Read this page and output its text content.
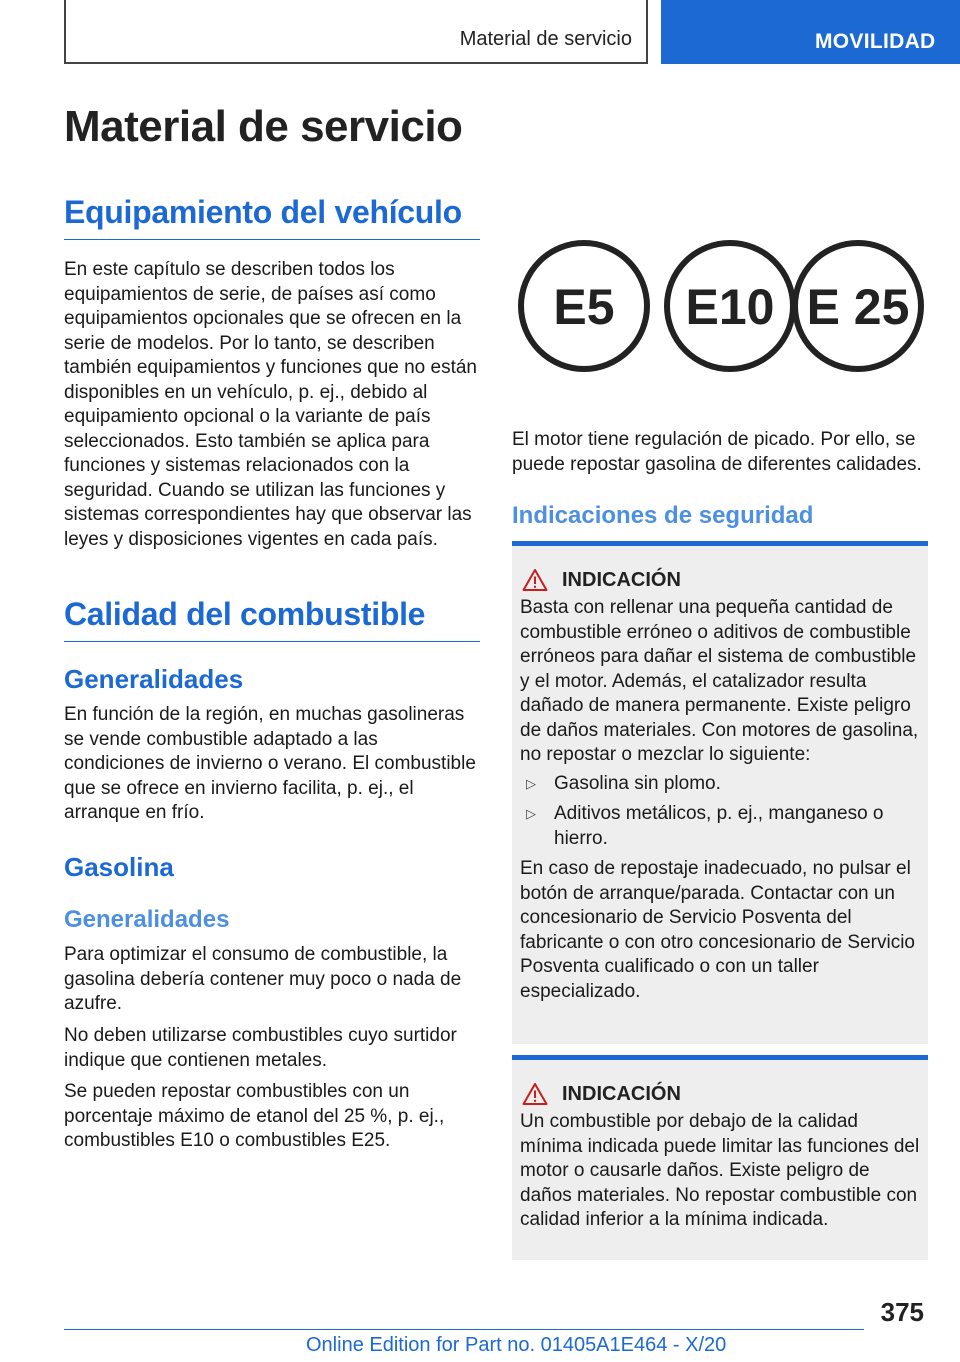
Material de servicio	MOVILIDAD
Material de servicio
Equipamiento del vehículo

En este capítulo se describen todos los equipamientos de serie, de países así como equipamientos opcionales que se ofrecen en la serie de modelos. Por lo tanto, se describen también equipamientos y funciones que no están disponibles en un vehículo, p. ej., debido al equipamiento opcional o la variante de país seleccionados. Esto también se aplica para funciones y sistemas relacionados con la seguridad. Cuando se utilizan las funciones y sistemas correspondientes hay que observar las leyes y disposiciones vigentes en cada país.

Calidad del combustible
Generalidades

En función de la región, en muchas gasolineras se vende combustible adaptado a las condiciones de invierno o verano. El combustible que se ofrece en invierno facilita, p. ej., el arranque en frío.

Gasolina
Generalidades

Para optimizar el consumo de combustible, la gasolina debería contener muy poco o nada de azufre.

No deben utilizarse combustibles cuyo surtidor indique que contienen metales.

Se pueden repostar combustibles con un porcentaje máximo de etanol del 25 %, p. ej., combustibles E10 o combustibles E25.

E5 E10 E 25

El motor tiene regulación de picado. Por ello, se puede repostar gasolina de diferentes calidades.

Indicaciones de seguridad
INDICACIÓN

Basta con rellenar una pequeña cantidad de combustible erróneo o aditivos de combustible erróneos para dañar el sistema de combustible y el motor. Además, el catalizador resulta dañado de manera permanente. Existe peligro de daños materiales. Con motores de gasolina, no repostar o mezclar lo siguiente:

▷ Gasolina sin plomo.
▷ Aditivos metálicos, p. ej., manganeso o hierro.

En caso de repostaje inadecuado, no pulsar el botón de arranque/parada. Contactar con un concesionario de Servicio Posventa del fabricante o con otro concesionario de Servicio Posventa cualificado o con un taller especializado.

INDICACIÓN

Un combustible por debajo de la calidad mínima indicada puede limitar las funciones del motor o causarle daños. Existe peligro de daños materiales. No repostar combustible con calidad inferior a la mínima indicada.

375
Online Edition for Part no. 01405A1E464 - X/20
